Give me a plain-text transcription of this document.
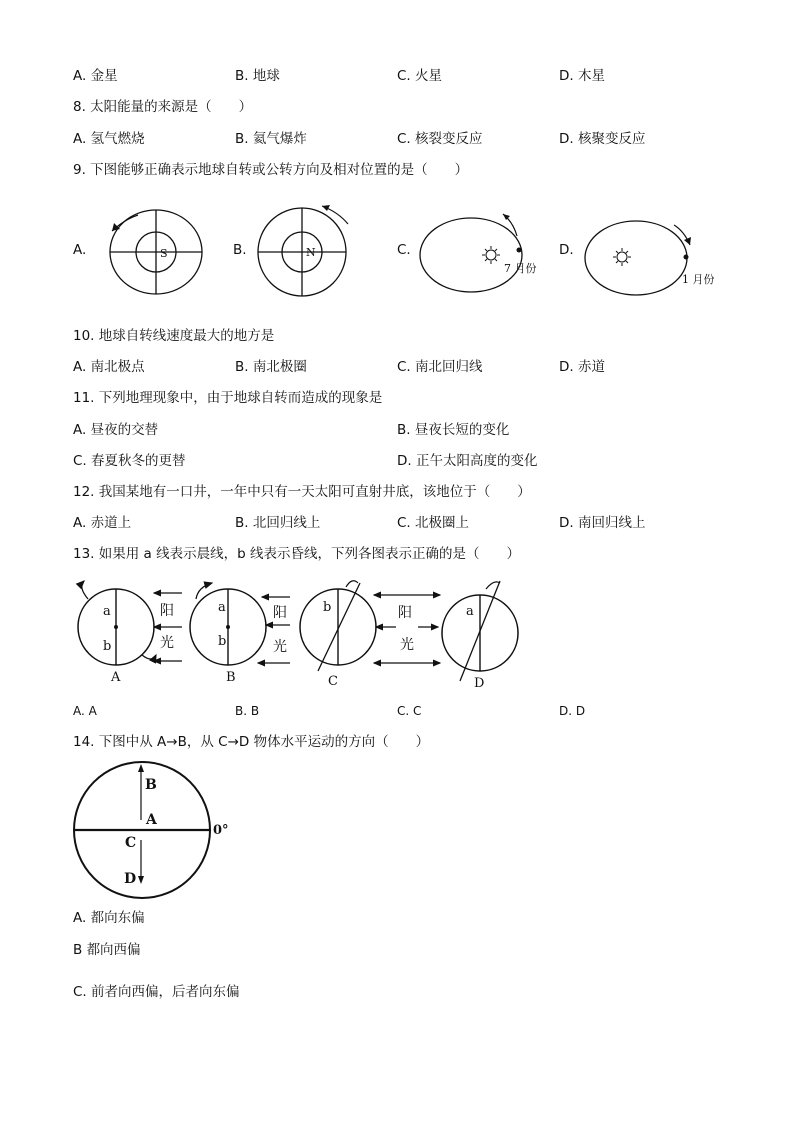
A. 金星	B. 地球	C. 火星	D. 木星
8. 太阳能量的来源是（　　）
A. 氢气燃烧	B. 氦气爆炸	C. 核裂变反应	D. 核聚变反应
9. 下图能够正确表示地球自转或公转方向及相对位置的是（　　）
A.	S	B.	N	C.
7 月份
D.
1 月份
10. 地球自转线速度最大的地方是
A. 南北极点	B. 南北极圈	C. 南北回归线	D. 赤道
11. 下列地理现象中，由于地球自转而造成的现象是
A. 昼夜的交替	B. 昼夜长短的变化
C. 春夏秋冬的更替	D. 正午太阳高度的变化
12. 我国某地有一口井，一年中只有一天太阳可直射井底，该地位于（　　）
A. 赤道上	B. 北回归线上	C. 北极圈上	D. 南回归线上
13. 如果用 a 线表示晨线，b 线表示昏线，下列各图表示正确的是（　　）
a
b
阳
光
A
a
b
阳
光
B
b	阳
光
C
a
D
A. A	B. B	C. C	D. D
14. 下图中从 A→B，从 C→D 物体水平运动的方向（　　）
B
A
C
D
0°
A. 都向东偏
B 都向西偏
C. 前者向西偏，后者向东偏
